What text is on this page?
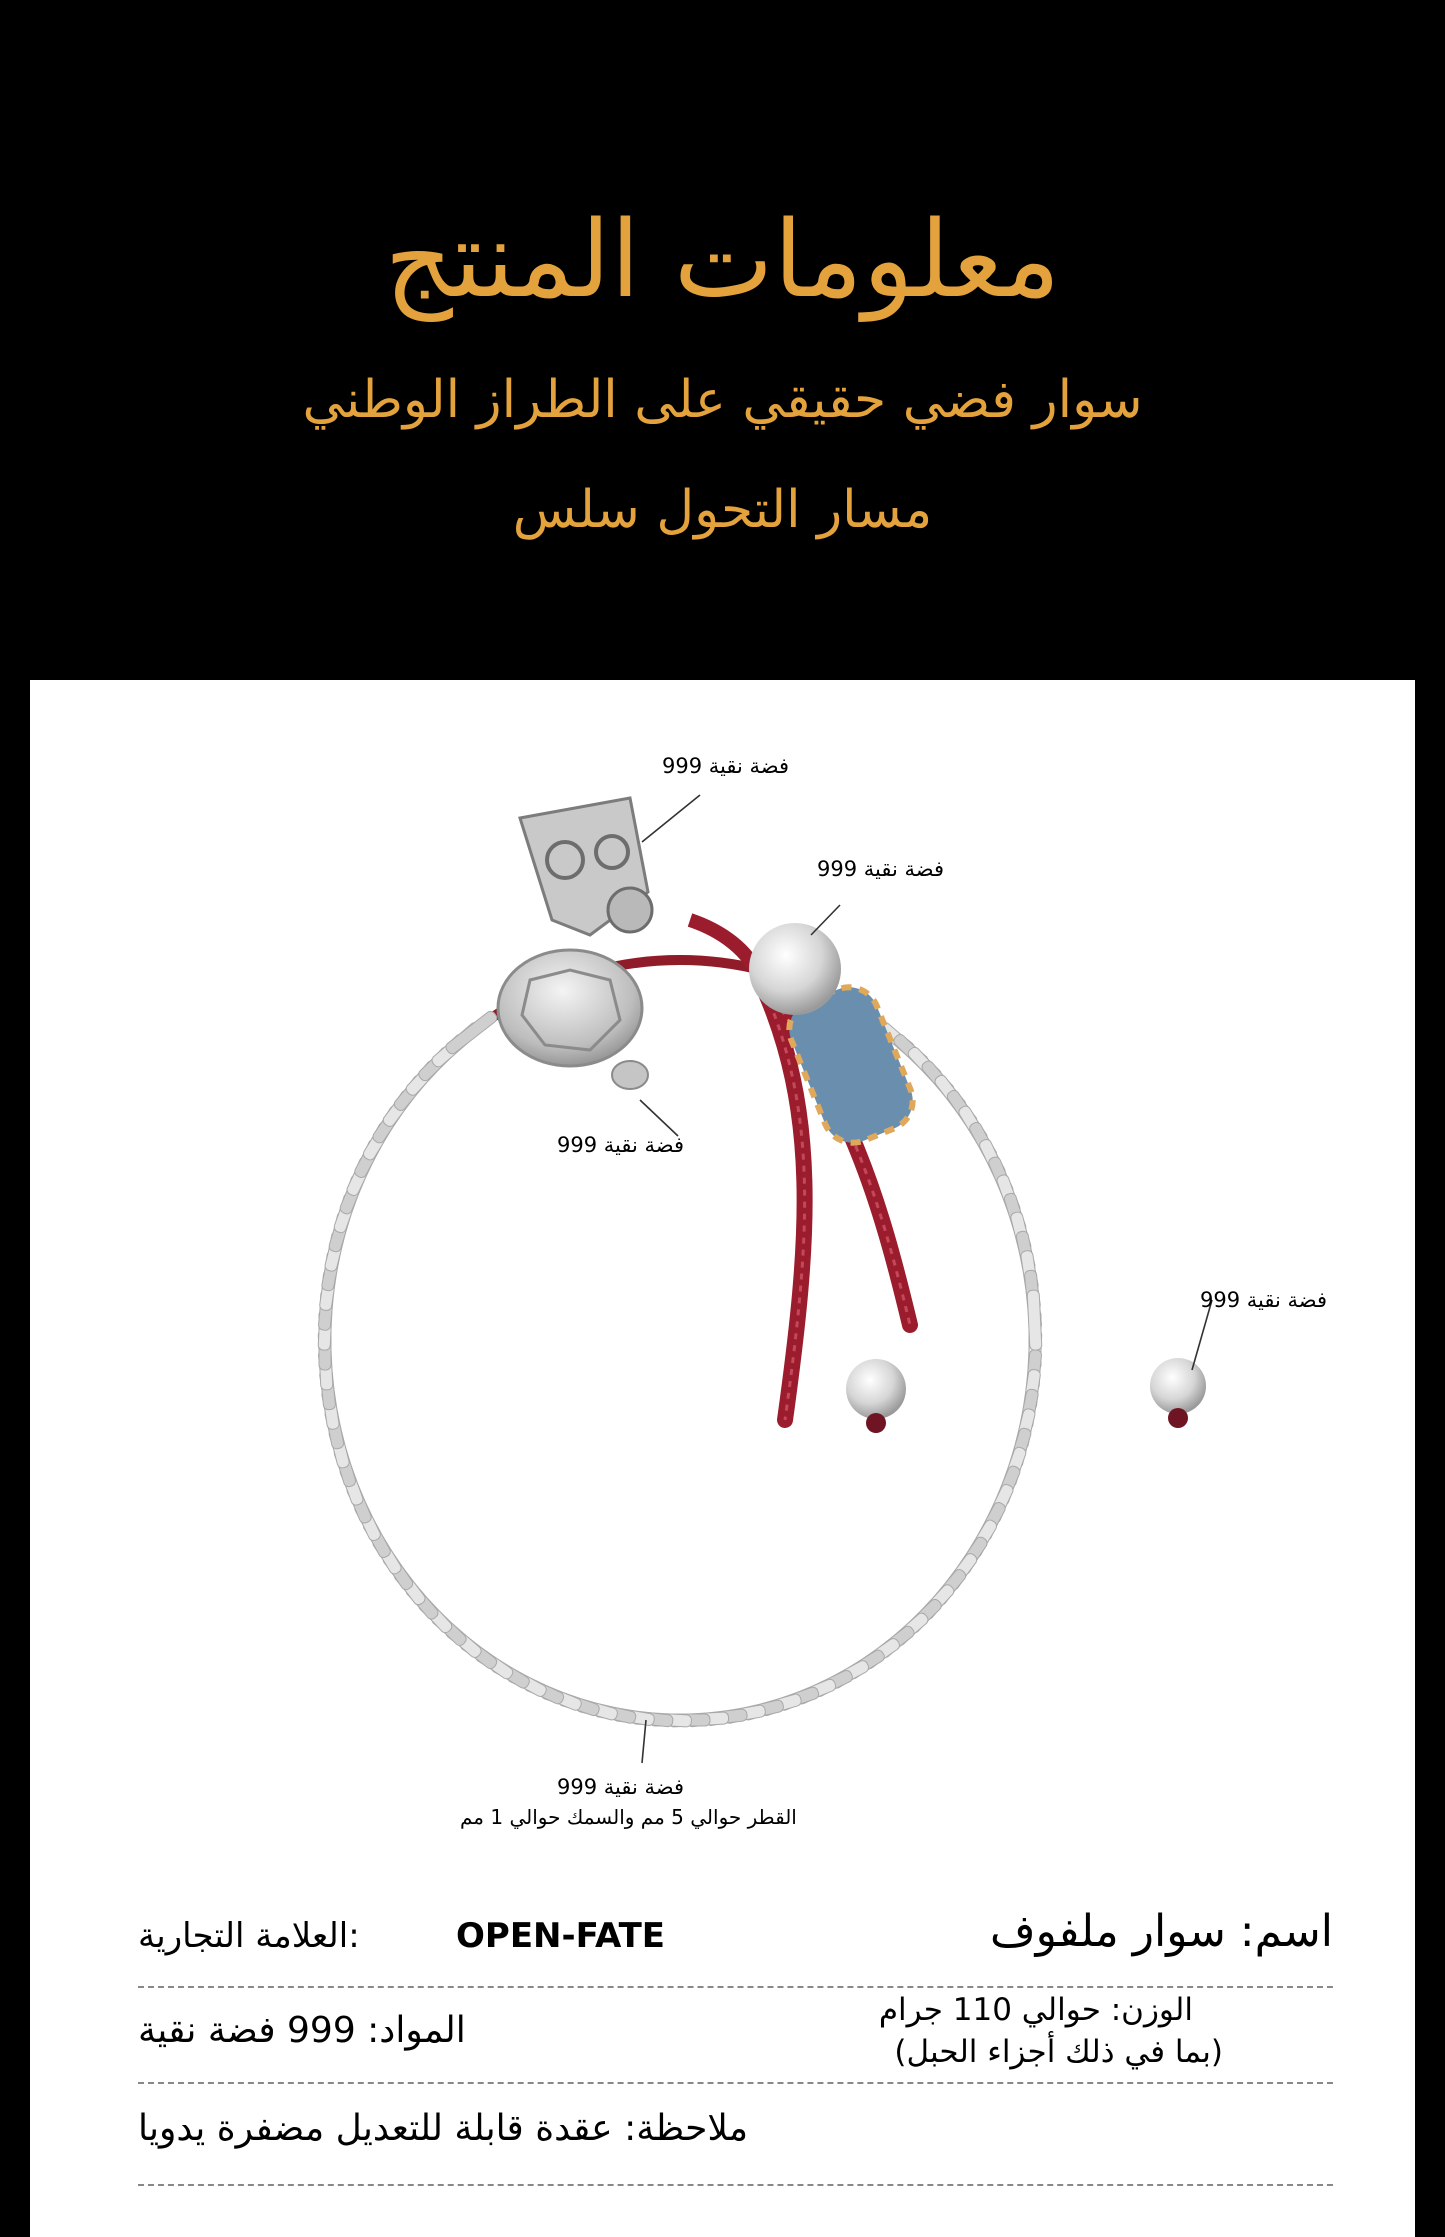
معلومات المنتج
سوار فضي حقيقي على الطراز الوطني
مسار التحول سلس
فضة نقية 999
فضة نقية 999
فضة نقية 999
فضة نقية 999
فضة نقية 999
القطر حوالي 5 مم والسمك حوالي 1 مم
اسم: سوار ملفوف
:العلامة التجارية	OPEN-FATE
الوزن: حوالي 110 جرام
(بما في ذلك أجزاء الحبل)
المواد: 999 فضة نقية
ملاحظة: عقدة قابلة للتعديل مضفرة يدويا
